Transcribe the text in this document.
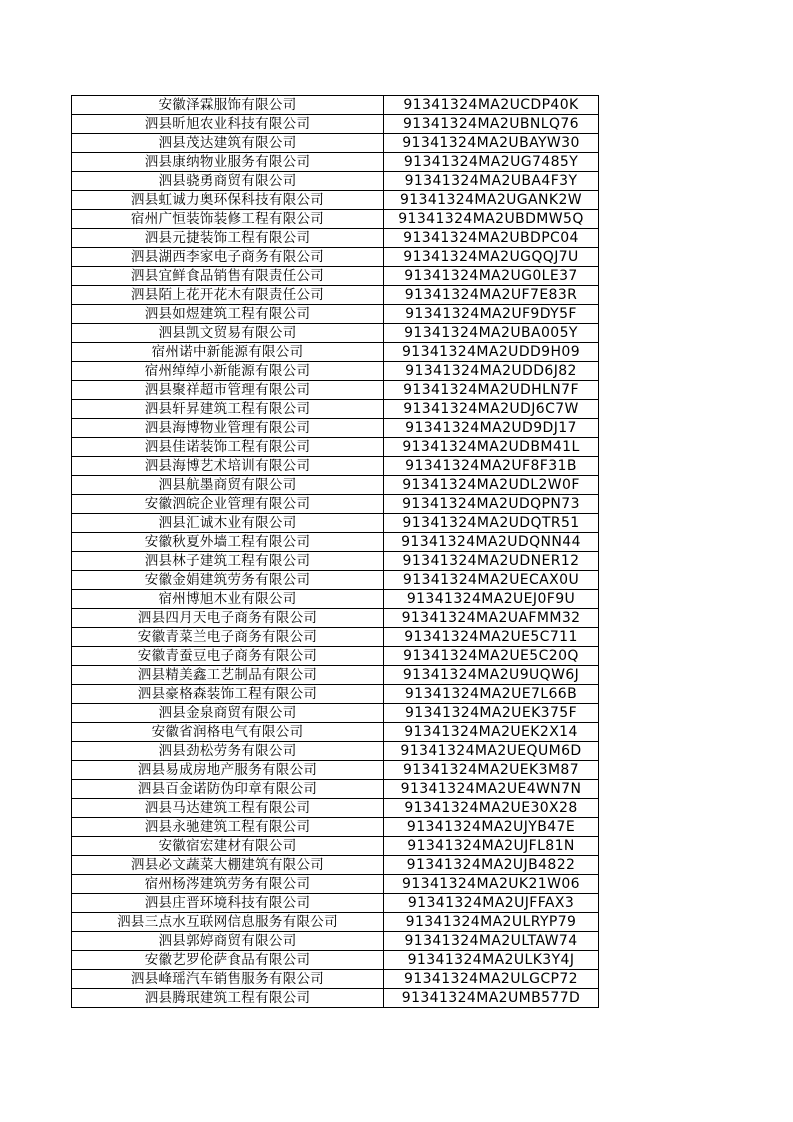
安徽泽霖服饰有限公司	91341324MA2UCDP40K
泗县昕旭农业科技有限公司	91341324MA2UBNLQ76
泗县茂达建筑有限公司	91341324MA2UBAYW30
泗县康纳物业服务有限公司	91341324MA2UG7485Y
泗县骁勇商贸有限公司	91341324MA2UBA4F3Y
泗县虹诚力奥环保科技有限公司	91341324MA2UGANK2W
宿州广恒装饰装修工程有限公司	91341324MA2UBDMW5Q
泗县元捷装饰工程有限公司	91341324MA2UBDPC04
泗县湖西李家电子商务有限公司	91341324MA2UGQQJ7U
泗县宜鲜食品销售有限责任公司	91341324MA2UG0LE37
泗县陌上花开花木有限责任公司	91341324MA2UF7E83R
泗县如煜建筑工程有限公司	91341324MA2UF9DY5F
泗县凯文贸易有限公司	91341324MA2UBA005Y
宿州诺中新能源有限公司	91341324MA2UDD9H09
宿州绰绰小新能源有限公司	91341324MA2UDD6J82
泗县聚祥超市管理有限公司	91341324MA2UDHLN7F
泗县轩昇建筑工程有限公司	91341324MA2UDJ6C7W
泗县海博物业管理有限公司	91341324MA2UD9DJ17
泗县佳诺装饰工程有限公司	91341324MA2UDBM41L
泗县海博艺术培训有限公司	91341324MA2UF8F31B
泗县航墨商贸有限公司	91341324MA2UDL2W0F
安徽泗皖企业管理有限公司	91341324MA2UDQPN73
泗县汇诚木业有限公司	91341324MA2UDQTR51
安徽秋夏外墙工程有限公司	91341324MA2UDQNN44
泗县林子建筑工程有限公司	91341324MA2UDNER12
安徽金娟建筑劳务有限公司	91341324MA2UECAX0U
宿州博旭木业有限公司	91341324MA2UEJ0F9U
泗县四月天电子商务有限公司	91341324MA2UAFMM32
安徽青菜兰电子商务有限公司	91341324MA2UE5C711
安徽青蚕豆电子商务有限公司	91341324MA2UE5C20Q
泗县精美鑫工艺制品有限公司	91341324MA2U9UQW6J
泗县豪格森装饰工程有限公司	91341324MA2UE7L66B
泗县金泉商贸有限公司	91341324MA2UEK375F
安徽省润格电气有限公司	91341324MA2UEK2X14
泗县劲松劳务有限公司	91341324MA2UEQUM6D
泗县易成房地产服务有限公司	91341324MA2UEK3M87
泗县百金诺防伪印章有限公司	91341324MA2UE4WN7N
泗县马达建筑工程有限公司	91341324MA2UE30X28
泗县永驰建筑工程有限公司	91341324MA2UJYB47E
安徽宿宏建材有限公司	91341324MA2UJFL81N
泗县必文蔬菜大棚建筑有限公司	91341324MA2UJB4822
宿州杨涔建筑劳务有限公司	91341324MA2UK21W06
泗县庄晋环境科技有限公司	91341324MA2UJFFAX3
泗县三点水互联网信息服务有限公司	91341324MA2ULRYP79
泗县郭婷商贸有限公司	91341324MA2ULTAW74
安徽艺罗伦萨食品有限公司	91341324MA2ULK3Y4J
泗县峰瑶汽车销售服务有限公司	91341324MA2ULGCP72
泗县腾珉建筑工程有限公司	91341324MA2UMB577D
